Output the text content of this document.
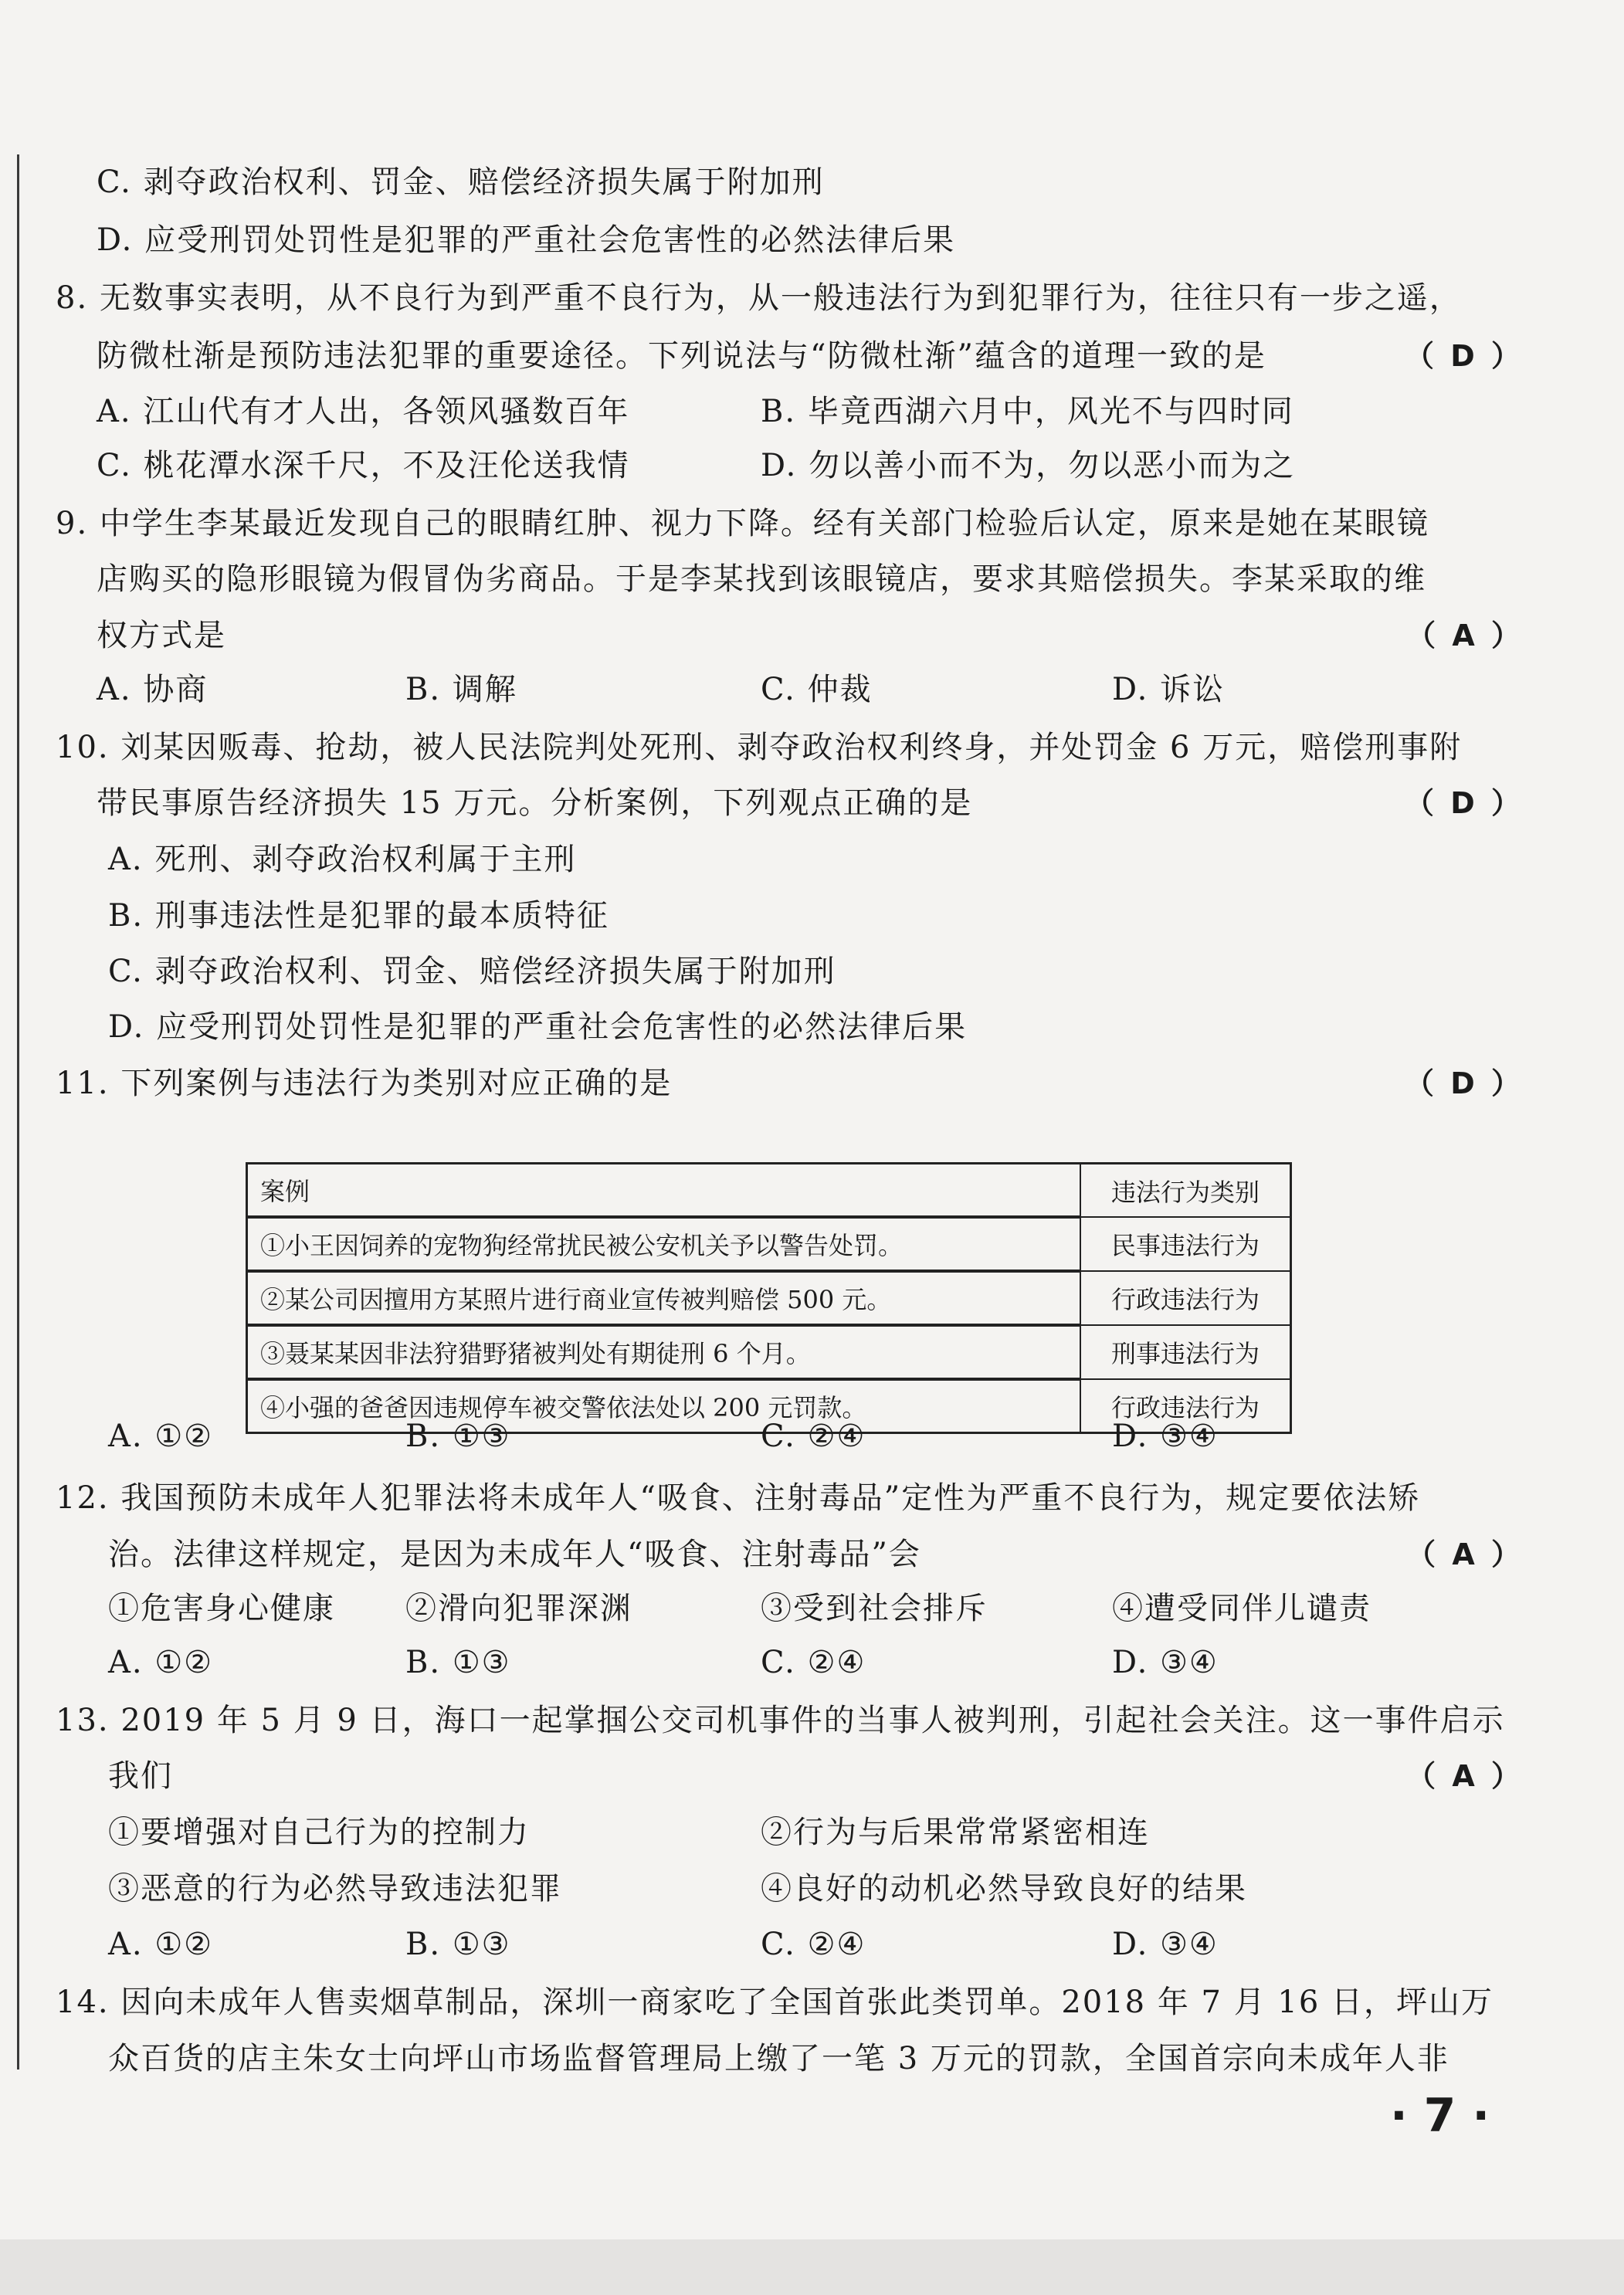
C. 剥夺政治权利、罚金、赔偿经济损失属于附加刑
D. 应受刑罚处罚性是犯罪的严重社会危害性的必然法律后果
8. 无数事实表明，从不良行为到严重不良行为，从一般违法行为到犯罪行为，往往只有一步之遥，
防微杜渐是预防违法犯罪的重要途径。下列说法与“防微杜渐”蕴含的道理一致的是	（ D ）
A. 江山代有才人出，各领风骚数百年	B. 毕竟西湖六月中，风光不与四时同
C. 桃花潭水深千尺，不及汪伦送我情	D. 勿以善小而不为，勿以恶小而为之
9. 中学生李某最近发现自己的眼睛红肿、视力下降。经有关部门检验后认定，原来是她在某眼镜
店购买的隐形眼镜为假冒伪劣商品。于是李某找到该眼镜店，要求其赔偿损失。李某采取的维
权方式是	（ A ）
A. 协商	B. 调解	C. 仲裁	D. 诉讼
10. 刘某因贩毒、抢劫，被人民法院判处死刑、剥夺政治权利终身，并处罚金 6 万元，赔偿刑事附
带民事原告经济损失 15 万元。分析案例，下列观点正确的是	（ D ）
A. 死刑、剥夺政治权利属于主刑
B. 刑事违法性是犯罪的最本质特征
C. 剥夺政治权利、罚金、赔偿经济损失属于附加刑
D. 应受刑罚处罚性是犯罪的严重社会危害性的必然法律后果
11. 下列案例与违法行为类别对应正确的是	（ D ）
案例	违法行为类别
①小王因饲养的宠物狗经常扰民被公安机关予以警告处罚。	民事违法行为
②某公司因擅用方某照片进行商业宣传被判赔偿 500 元。	行政违法行为
③聂某某因非法狩猎野猪被判处有期徒刑 6 个月。	刑事违法行为
④小强的爸爸因违规停车被交警依法处以 200 元罚款。	行政违法行为
A. ①②	B. ①③	C. ②④	D. ③④
12. 我国预防未成年人犯罪法将未成年人“吸食、注射毒品”定性为严重不良行为，规定要依法矫
治。法律这样规定，是因为未成年人“吸食、注射毒品”会	（ A ）
①危害身心健康 ②滑向犯罪深渊	③受到社会排斥	④遭受同伴儿谴责
A. ①②	B. ①③	C. ②④	D. ③④
13. 2019 年 5 月 9 日，海口一起掌掴公交司机事件的当事人被判刑，引起社会关注。这一事件启示
我们	（ A ）
①要增强对自己行为的控制力	②行为与后果常常紧密相连
③恶意的行为必然导致违法犯罪	④良好的动机必然导致良好的结果
A. ①②	B. ①③	C. ②④	D. ③④
14. 因向未成年人售卖烟草制品，深圳一商家吃了全国首张此类罚单。2018 年 7 月 16 日，坪山万
众百货的店主朱女士向坪山市场监督管理局上缴了一笔 3 万元的罚款，全国首宗向未成年人非
· 7 ·
